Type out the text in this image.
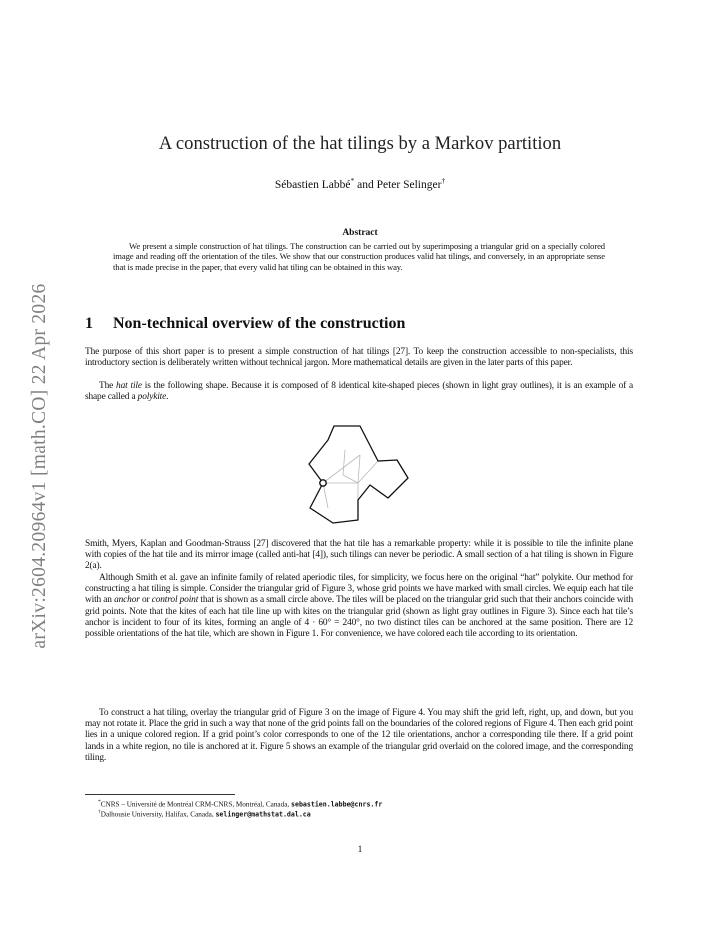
arXiv:2604.20964v1 [math.CO] 22 Apr 2026
A construction of the hat tilings by a Markov partition
Sébastien Labbé* and Peter Selinger†
Abstract
We present a simple construction of hat tilings. The construction can be carried out by superimposing a triangular grid on a specially colored image and reading off the orientation of the tiles. We show that our construction produces valid hat tilings, and conversely, in an appropriate sense that is made precise in the paper, that every valid hat tiling can be obtained in this way.
1 Non-technical overview of the construction
The purpose of this short paper is to present a simple construction of hat tilings [27]. To keep the construction accessible to non-specialists, this introductory section is deliberately written without technical jargon. More mathematical details are given in the later parts of this paper.
The hat tile is the following shape. Because it is composed of 8 identical kite-shaped pieces (shown in light gray outlines), it is an example of a shape called a polykite.
Smith, Myers, Kaplan and Goodman-Strauss [27] discovered that the hat tile has a remarkable property: while it is possible to tile the infinite plane with copies of the hat tile and its mirror image (called anti-hat [4]), such tilings can never be periodic. A small section of a hat tiling is shown in Figure 2(a).
Although Smith et al. gave an infinite family of related aperiodic tiles, for simplicity, we focus here on the original “hat” polykite. Our method for constructing a hat tiling is simple. Consider the triangular grid of Figure 3, whose grid points we have marked with small circles. We equip each hat tile with an anchor or control point that is shown as a small circle above. The tiles will be placed on the triangular grid such that their anchors coincide with grid points. Note that the kites of each hat tile line up with kites on the triangular grid (shown as light gray outlines in Figure 3). Since each hat tile’s anchor is incident to four of its kites, forming an angle of 4 · 60° = 240°, no two distinct tiles can be anchored at the same position. There are 12 possible orientations of the hat tile, which are shown in Figure 1. For convenience, we have colored each tile according to its orientation.
To construct a hat tiling, overlay the triangular grid of Figure 3 on the image of Figure 4. You may shift the grid left, right, up, and down, but you may not rotate it. Place the grid in such a way that none of the grid points fall on the boundaries of the colored regions of Figure 4. Then each grid point lies in a unique colored region. If a grid point’s color corresponds to one of the 12 tile orientations, anchor a corresponding tile there. If a grid point lands in a white region, no tile is anchored at it. Figure 5 shows an example of the triangular grid overlaid on the colored image, and the corresponding tiling.
*CNRS – Université de Montréal CRM-CNRS, Montréal, Canada, sebastien.labbe@cnrs.fr
†Dalhousie University, Halifax, Canada, selinger@mathstat.dal.ca
1
